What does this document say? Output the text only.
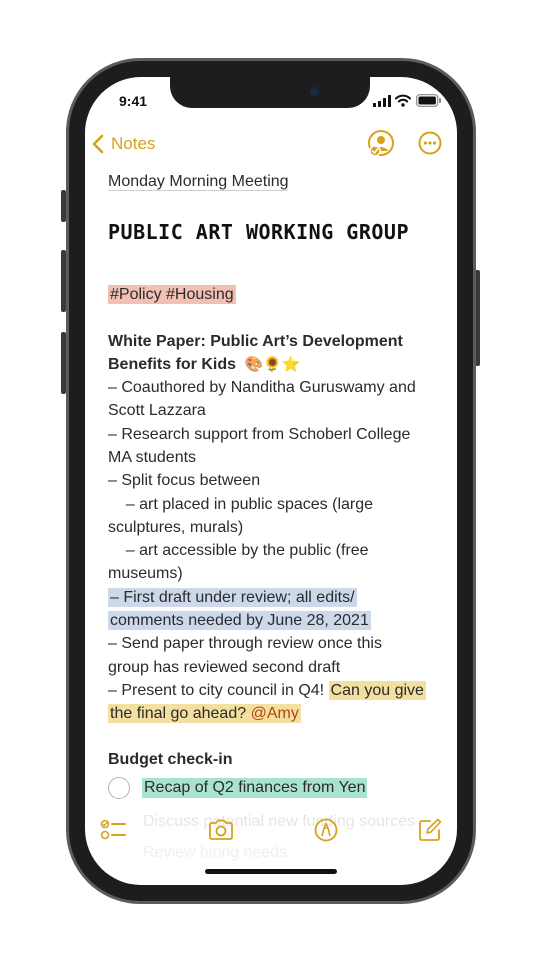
9:41
Notes
Monday Morning Meeting
PUBLIC ART WORKING GROUP
#Policy #Housing
White Paper: Public Art’s Development
Benefits for Kids 🎨🌻⭐
– Coauthored by Nanditha Guruswamy and
Scott Lazzara
– Research support from Schoberl College
MA students
– Split focus between
– art placed in public spaces (large
sculptures, murals)
– art accessible by the public (free
museums)
– First draft under review; all edits/
comments needed by June 28, 2021
– Send paper through review once this
group has reviewed second draft
– Present to city council in Q4! Can you give
the final go ahead? @Amy
Budget check-in
Recap of Q2 finances from Yen
Discuss potential new funding sources
Review hiring needs
